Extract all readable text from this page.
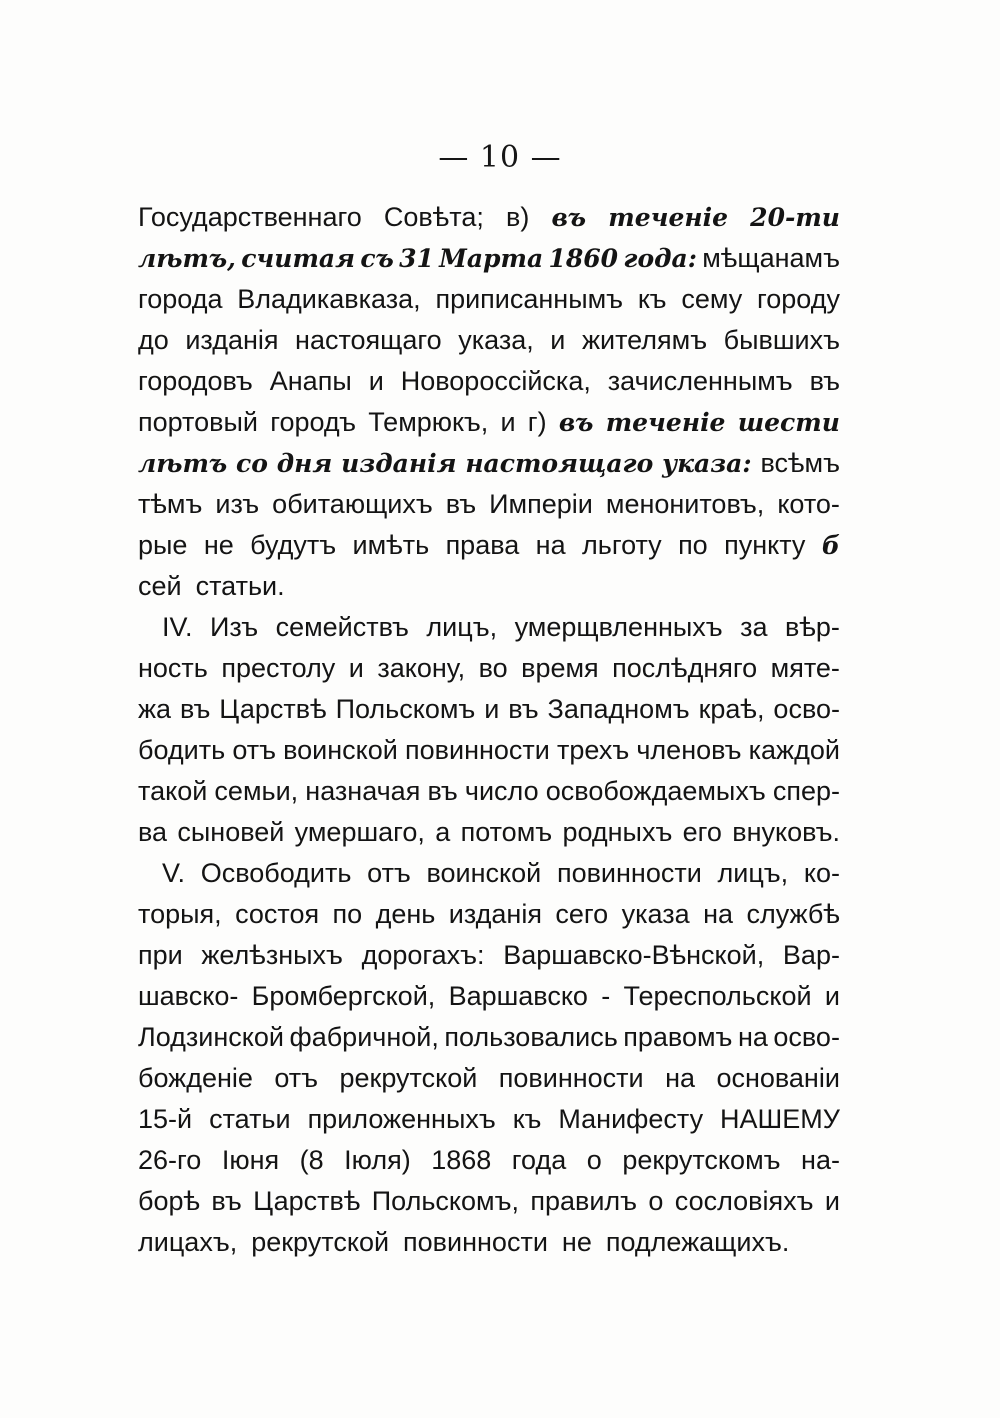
— 10 —
Государственнаго Совѣта; в) въ теченіе 20-ти
лѣтъ, считая съ 31 Марта 1860 года: мѣщанамъ
города Владикавказа, приписаннымъ къ сему городу
до изданія настоящаго указа, и жителямъ бывшихъ
городовъ Анапы и Новороссійска, зачисленнымъ въ
портовый городъ Темрюкъ, и г) въ теченіе шести
лѣтъ со дня изданія настоящаго указа: всѣмъ
тѣмъ изъ обитающихъ въ Имперіи менонитовъ, кото-
рые не будутъ имѣть права на льготу по пункту б
сей статьи.
IV. Изъ семействъ лицъ, умерщвленныхъ за вѣр-
ность престолу и закону, во время послѣдняго мяте-
жа въ Царствѣ Польскомъ и въ Западномъ краѣ, осво-
бодить отъ воинской повинности трехъ членовъ каждой
такой семьи, назначая въ число освобождаемыхъ спер-
ва сыновей умершаго, а потомъ родныхъ его внуковъ.
V. Освободить отъ воинской повинности лицъ, ко-
торыя, состоя по день изданія сего указа на службѣ
при желѣзныхъ дорогахъ: Варшавско-Вѣнской, Вар-
шавско- Бромбергской, Варшавско - Тереспольской и
Лодзинской фабричной, пользовались правомъ на осво-
божденіе отъ рекрутской повинности на основаніи
15-й статьи приложенныхъ къ Манифесту НАШЕМУ
26-го Іюня (8 Іюля) 1868 года о рекрутскомъ на-
борѣ въ Царствѣ Польскомъ, правилъ о сословіяхъ и
лицахъ, рекрутской повинности не подлежащихъ.
